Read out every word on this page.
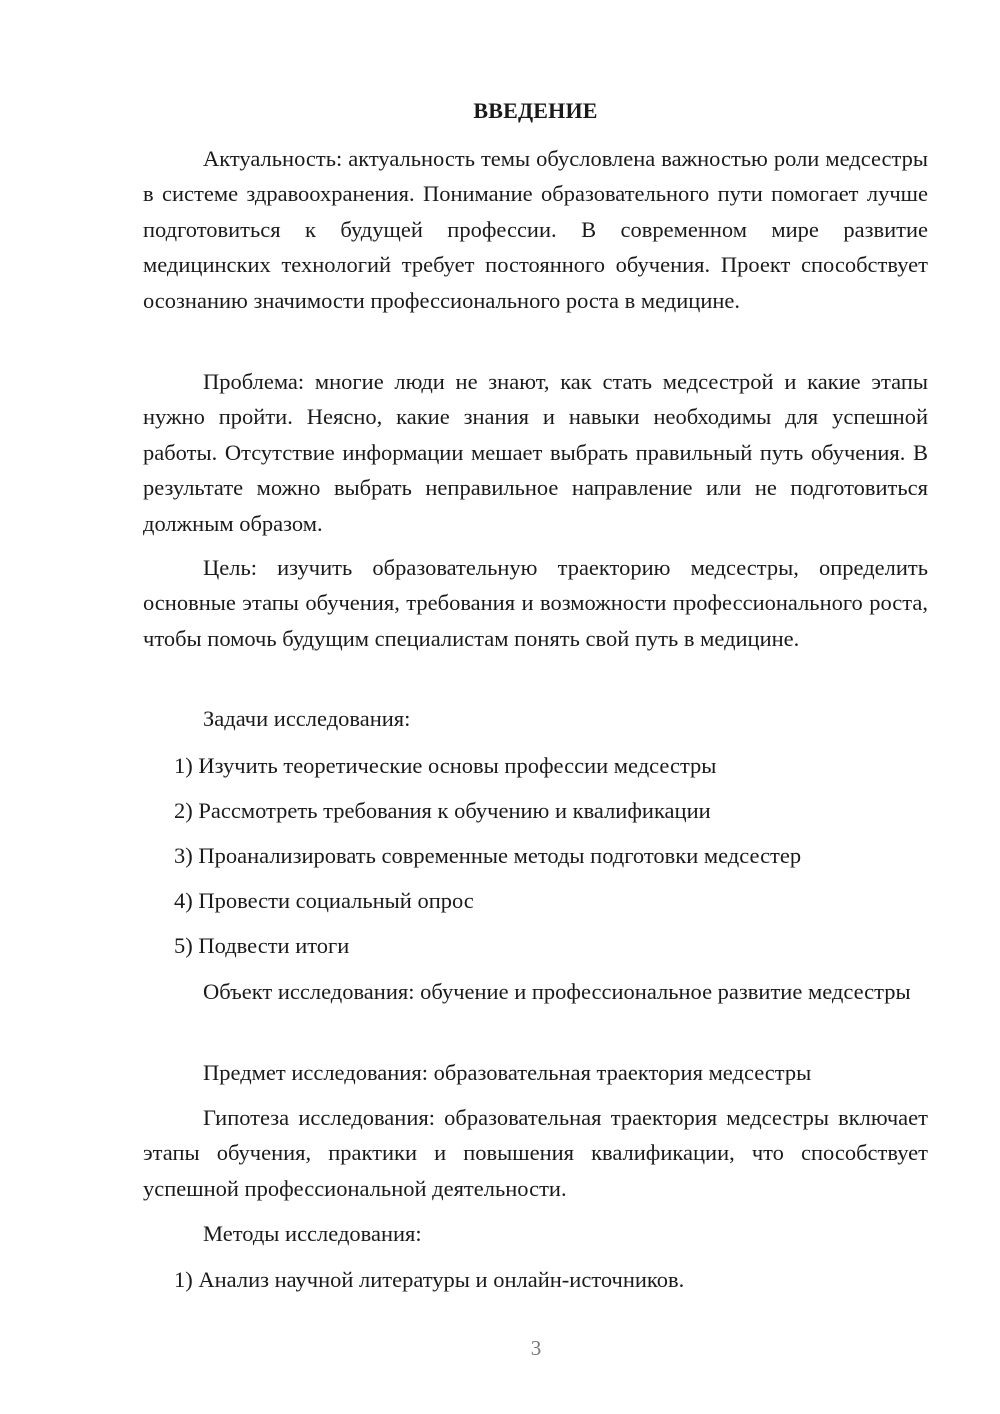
ВВЕДЕНИЕ

Актуальность: актуальность темы обусловлена важностью роли медсестры в системе здравоохранения. Понимание образовательного пути помогает лучше подготовиться к будущей профессии. В современном мире развитие медицинских технологий требует постоянного обучения. Проект способствует осознанию значимости профессионального роста в медицине.

Проблема: многие люди не знают, как стать медсестрой и какие этапы нужно пройти. Неясно, какие знания и навыки необходимы для успешной работы. Отсутствие информации мешает выбрать правильный путь обучения. В результате можно выбрать неправильное направление или не подготовиться должным образом.

Цель: изучить образовательную траекторию медсестры, определить основные этапы обучения, требования и возможности профессионального роста, чтобы помочь будущим специалистам понять свой путь в медицине.

Задачи исследования:
1) Изучить теоретические основы профессии медсестры
2) Рассмотреть требования к обучению и квалификации
3) Проанализировать современные методы подготовки медсестер
4) Провести социальный опрос
5) Подвести итоги

Объект исследования: обучение и профессиональное развитие медсестры

Предмет исследования: образовательная траектория медсестры

Гипотеза исследования: образовательная траектория медсестры включает этапы обучения, практики и повышения квалификации, что способствует успешной профессиональной деятельности.

Методы исследования:
1) Анализ научной литературы и онлайн-источников.
3
